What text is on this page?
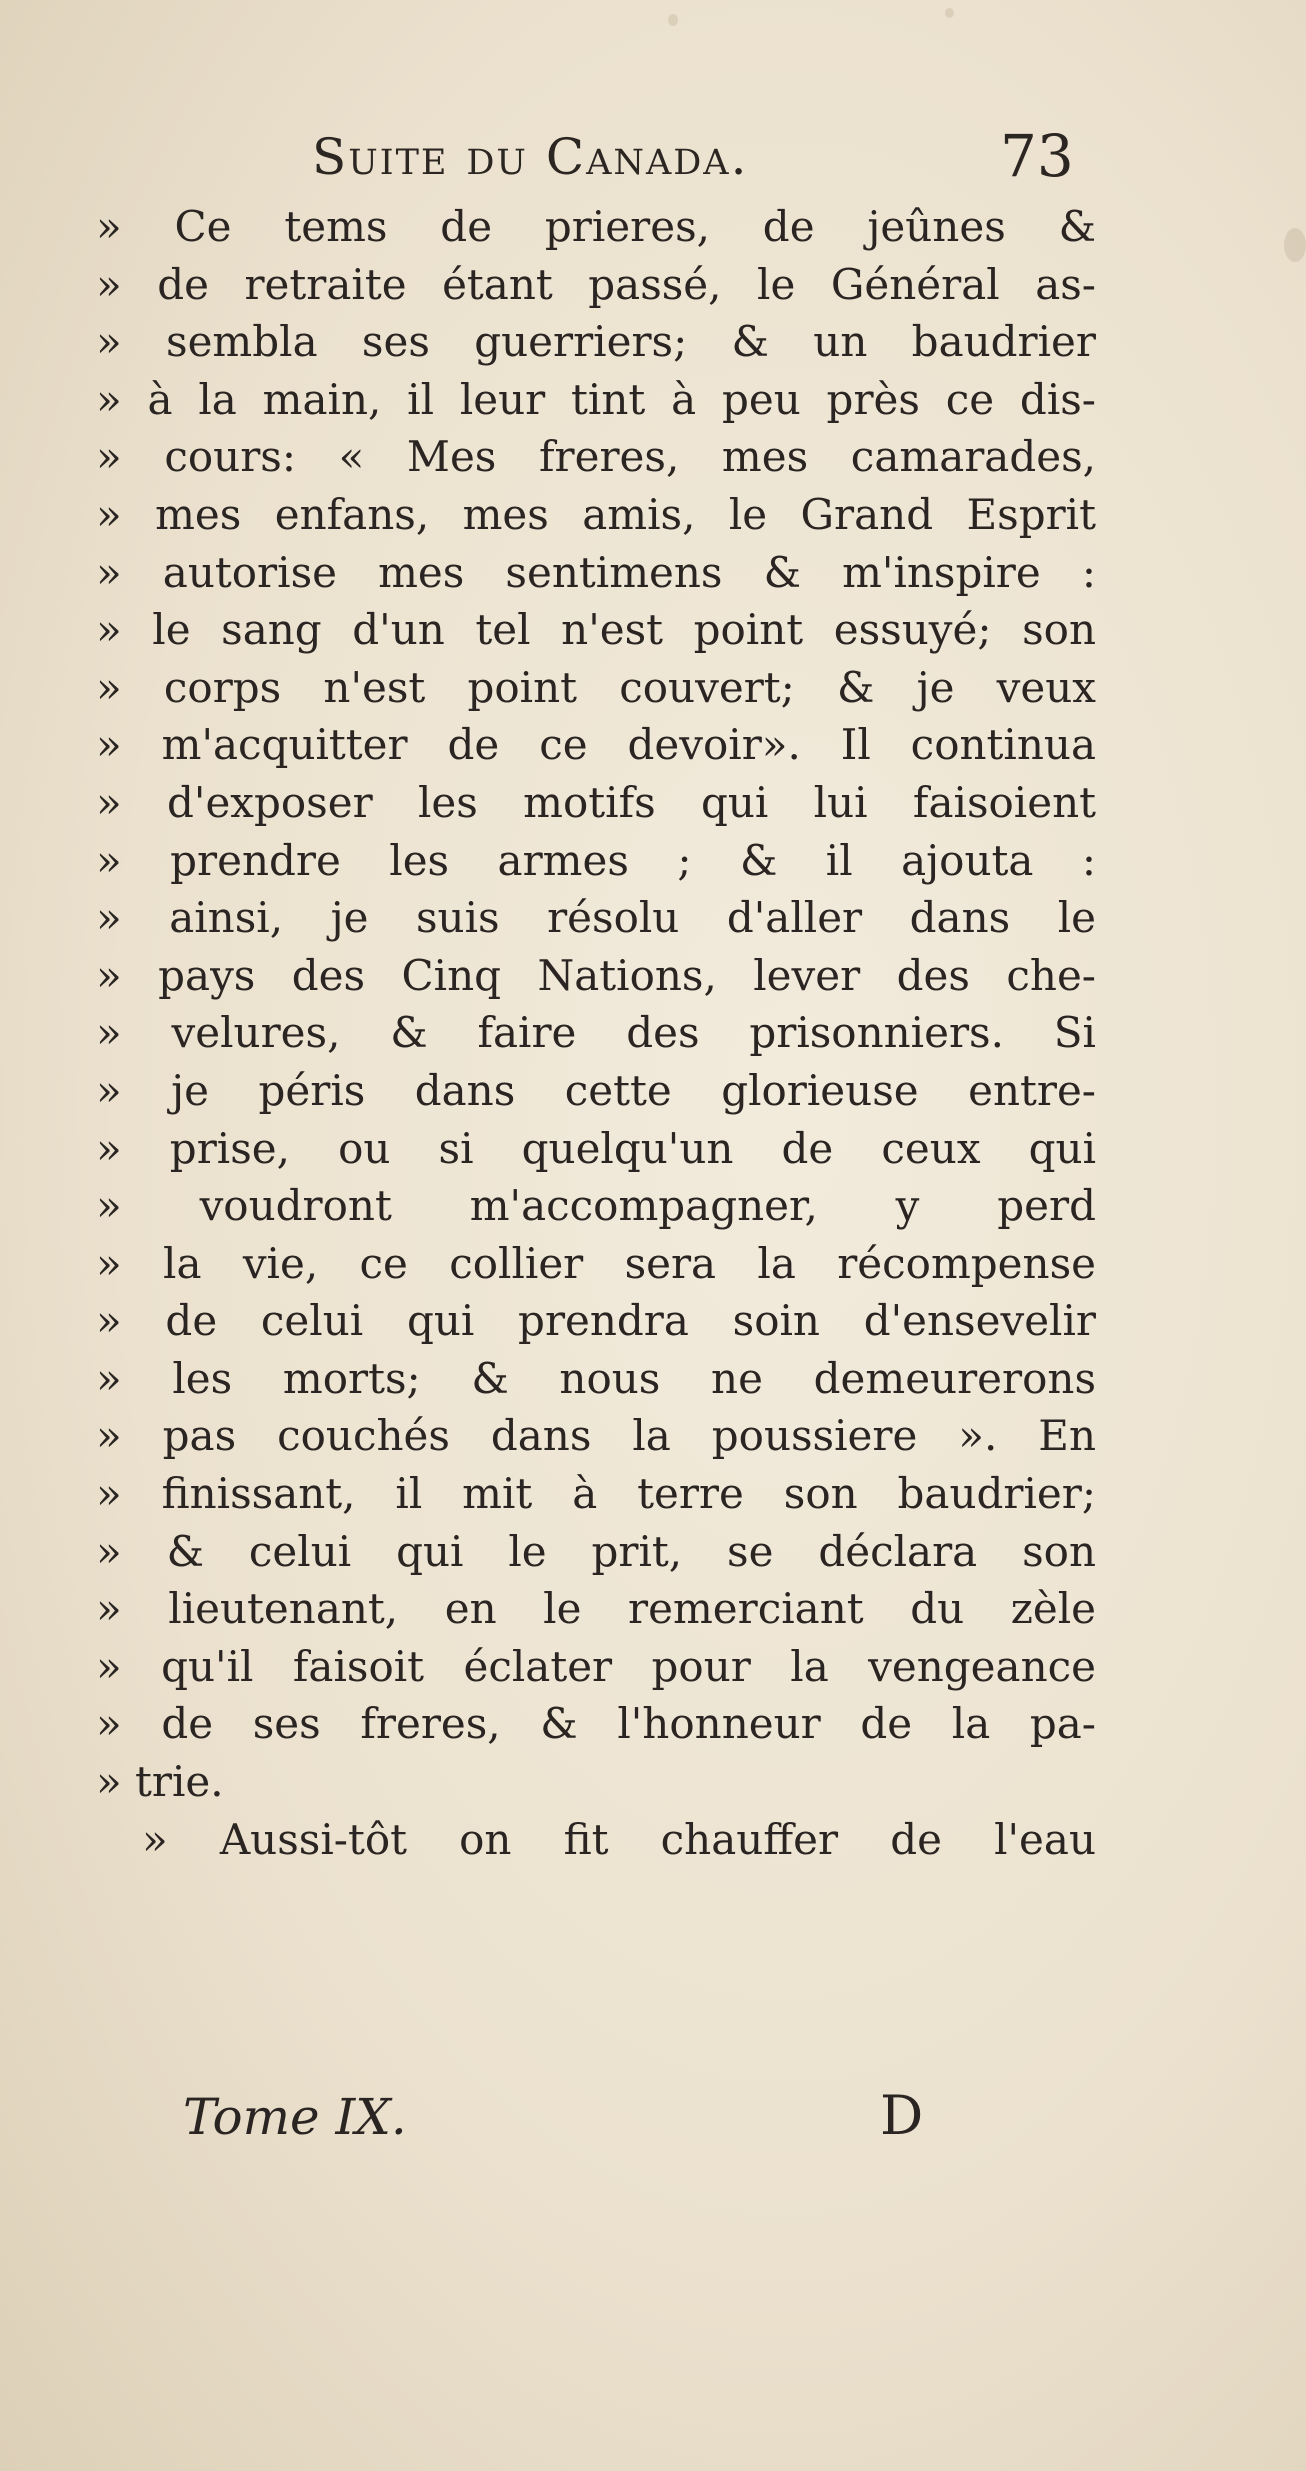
Suite du Canada.	73
» Ce tems de prieres, de jeûnes &
» de retraite étant passé, le Général as-
» sembla ses guerriers; & un baudrier
» à la main, il leur tint à peu près ce dis-
» cours: « Mes freres, mes camarades,
» mes enfans, mes amis, le Grand Esprit
» autorise mes sentimens & m'inspire :
» le sang d'un tel n'est point essuyé; son
» corps n'est point couvert; & je veux
» m'acquitter de ce devoir». Il continua
» d'exposer les motifs qui lui faisoient
» prendre les armes ; & il ajouta :
» ainsi, je suis résolu d'aller dans le
» pays des Cinq Nations, lever des che-
» velures, & faire des prisonniers. Si
» je péris dans cette glorieuse entre-
» prise, ou si quelqu'un de ceux qui
» voudront m'accompagner, y perd
» la vie, ce collier sera la récompense
» de celui qui prendra soin d'ensevelir
» les morts; & nous ne demeurerons
» pas couchés dans la poussiere ». En
» finissant, il mit à terre son baudrier;
» & celui qui le prit, se déclara son
» lieutenant, en le remerciant du zèle
» qu'il faisoit éclater pour la vengeance
» de ses freres, & l'honneur de la pa-
» trie.
» Aussi-tôt on fit chauffer de l'eau
Tome IX.	D
